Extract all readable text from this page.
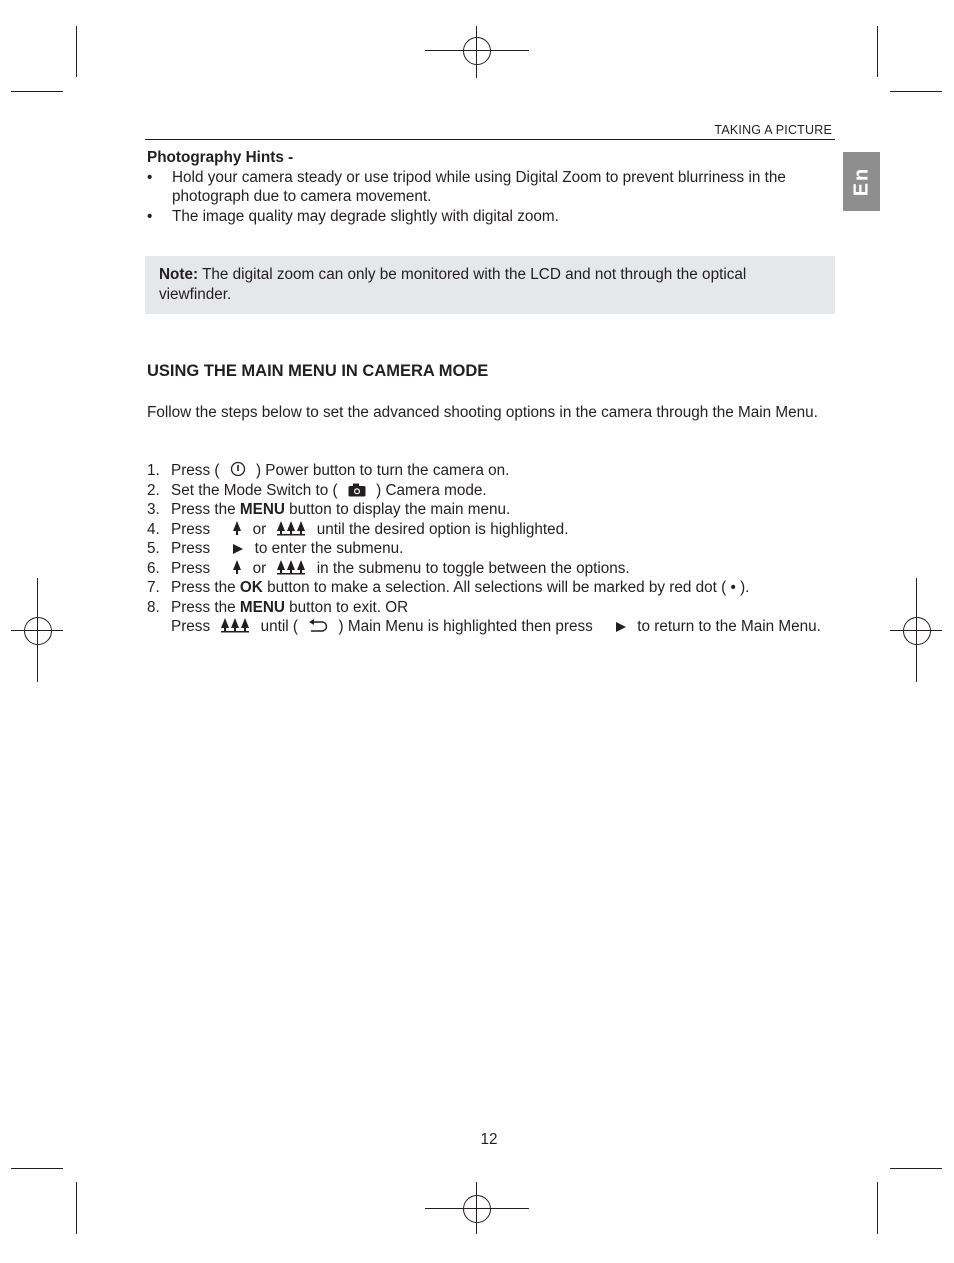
TAKING A PICTURE
En

Photography Hints -

• Hold your camera steady or use tripod while using Digital Zoom to prevent blurriness in the photograph due to camera movement.
• The image quality may degrade slightly with digital zoom.
Note: The digital zoom can only be monitored with the LCD and not through the optical viewfinder.
USING THE MAIN MENU IN CAMERA MODE

Follow the steps below to set the advanced shooting options in the camera through the Main Menu.

1. Press ( ) Power button to turn the camera on.
2. Set the Mode Switch to (	) Camera mode.
3. Press the MENU button to display the main menu.
4. Press	or	until the desired option is highlighted.
5. Press	to enter the submenu.
6. Press	or	in the submenu to toggle between the options.
7. Press the OK button to make a selection. All selections will be marked by red dot ( • ).
8. Press the MENU button to exit. OR
Press	until (	) Main Menu is highlighted then press	to return to the Main Menu.
12
